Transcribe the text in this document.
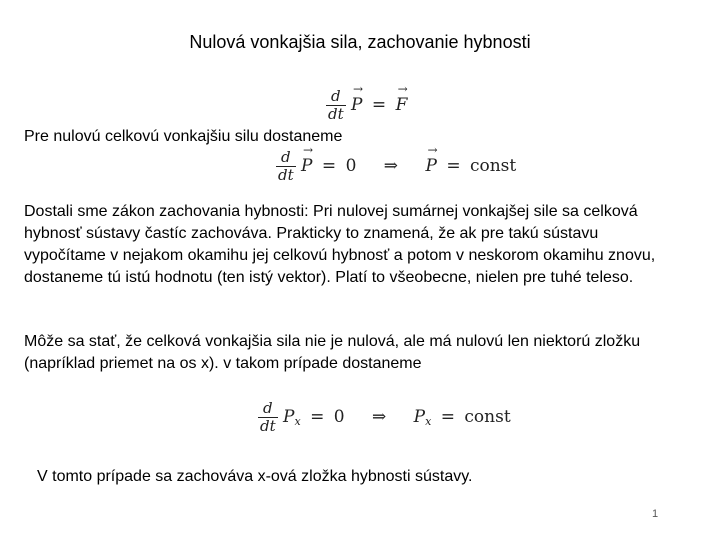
Nulová vonkajšia sila, zachovanie hybnosti
$\frac{d}{dt} \to P$ = → F

Pre nulovú celkovú vonkajšiu silu dostaneme

$\frac{d}{dt} \to P = 0$ ⇒ → P = const

Dostali sme zákon zachovania hybnosti: Pri nulovej sumárnej vonkajšej sile sa celková hybnosť sústavy častíc zachováva. Prakticky to znamená, že ak pre takú sústavu vypočítame v nejakom okamihu jej celkovú hybnosť a potom v neskorom okamihu znovu, dostaneme tú istú hodnotu (ten istý vektor). Platí to všeobecne, nielen pre tuhé teleso.

Môže sa stať, že celková vonkajšia sila nie je nulová, ale má nulovú len niektorú zložku (napríklad priemet na os x). v takom prípade dostaneme

$\frac{d}{dt} P_x = 0$ ⇒ $P_x$ = const

V tomto prípade sa zachováva x-ová zložka hybnosti sústavy.

1
